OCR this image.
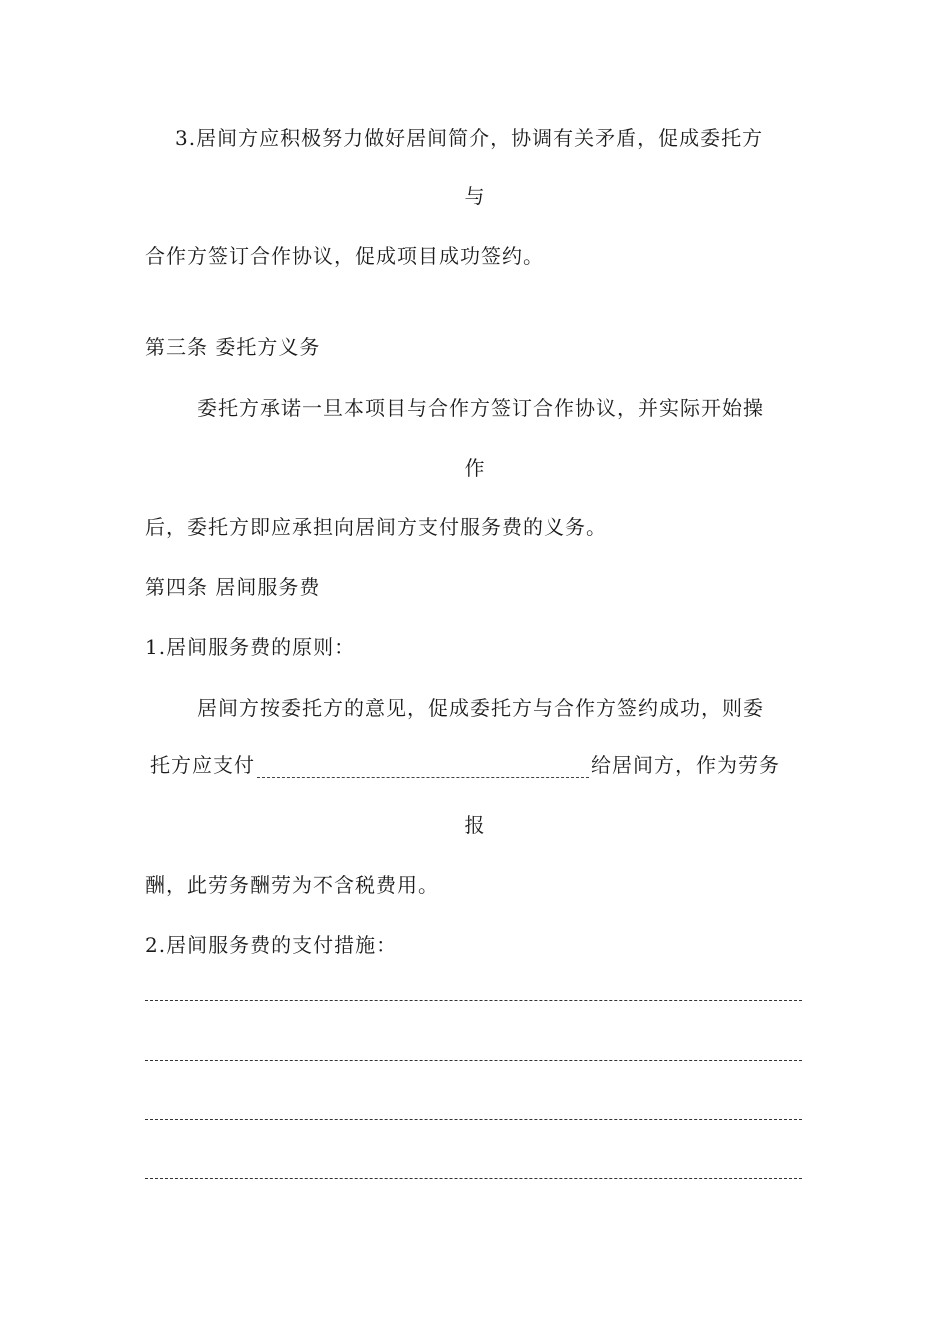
3.居间方应积极努力做好居间简介，协调有关矛盾，促成委托方
与
合作方签订合作协议，促成项目成功签约。
第三条 委托方义务
委托方承诺一旦本项目与合作方签订合作协议，并实际开始操
作
后，委托方即应承担向居间方支付服务费的义务。
第四条 居间服务费
1.居间服务费的原则：
居间方按委托方的意见，促成委托方与合作方签约成功，则委
托方应支付	给居间方，作为劳务
报
酬，此劳务酬劳为不含税费用。
2.居间服务费的支付措施：
